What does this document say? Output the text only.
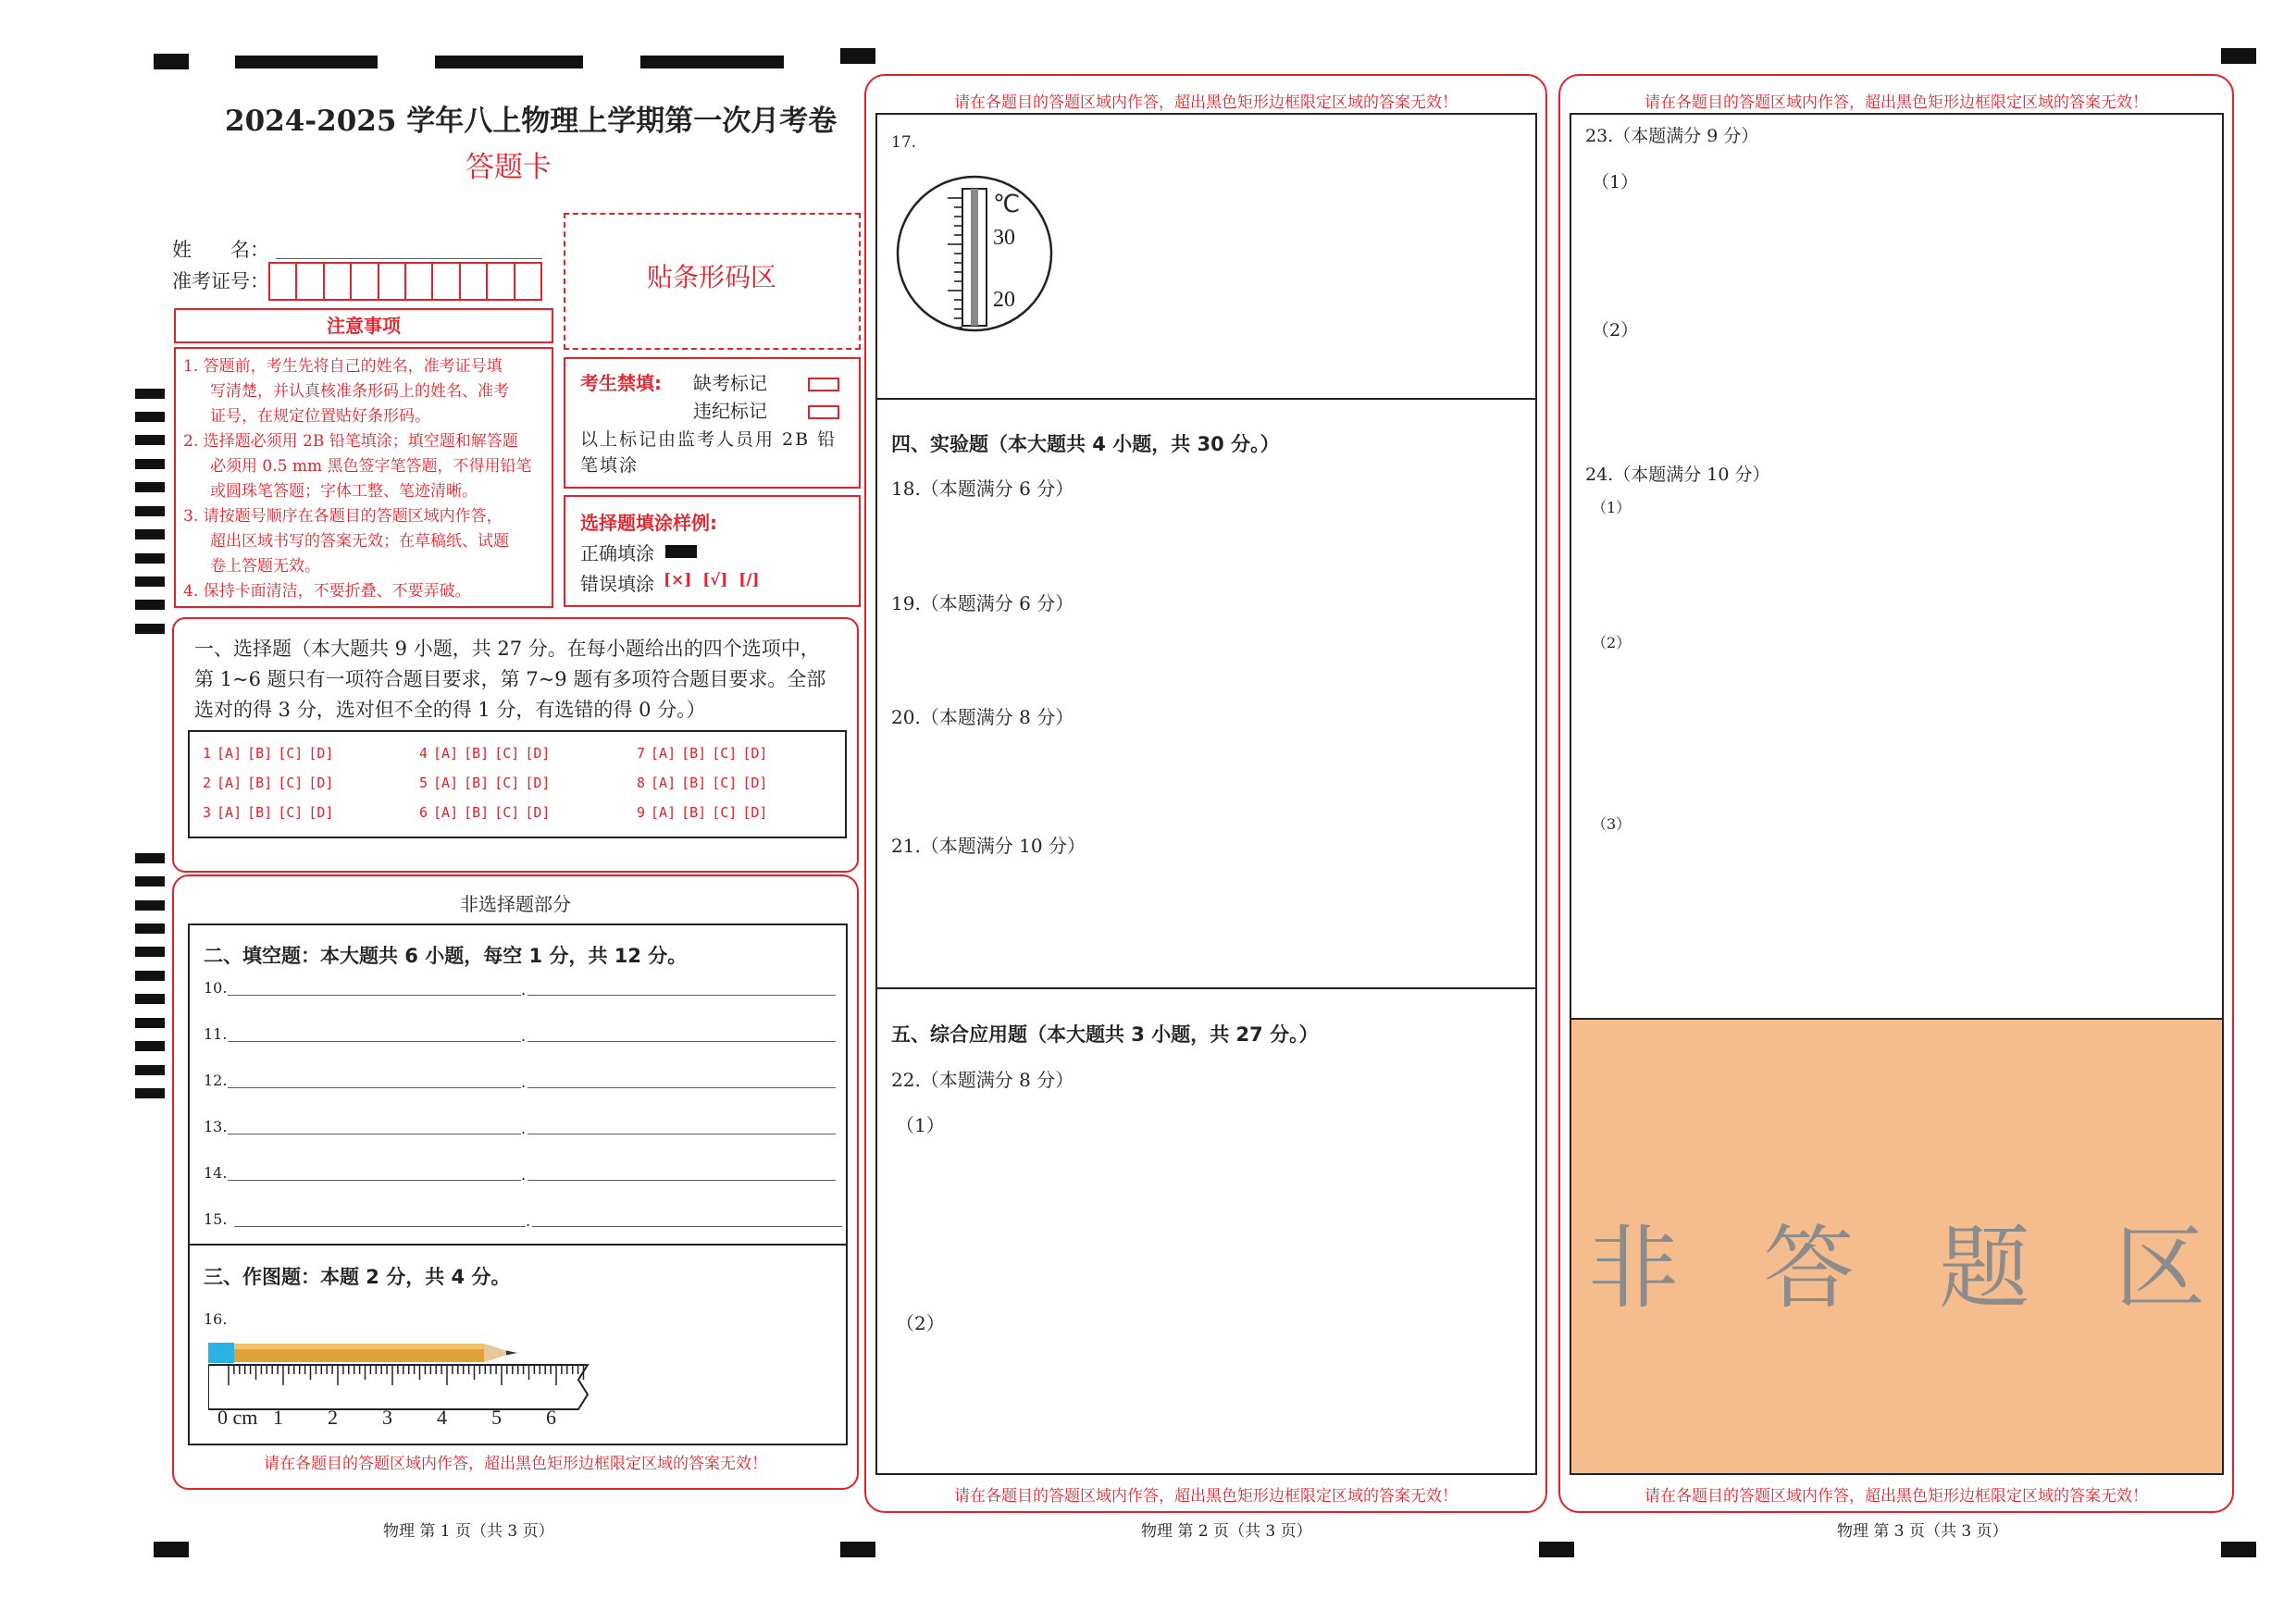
2024-2025 学年八上物理上学期第一次月考卷
答题卡
姓　　名：
准考证号：	贴条形码区
注意事项
1. 答题前，考生先将自己的姓名，准考证号填
写清楚，并认真核准条形码上的姓名、准考
证号，在规定位置贴好条形码。
2. 选择题必须用 2B 铅笔填涂；填空题和解答题
必须用 0.5 mm 黑色签字笔答题，不得用铅笔
或圆珠笔答题；字体工整、笔迹清晰。
3. 请按题号顺序在各题目的答题区域内作答，
超出区域书写的答案无效；在草稿纸、试题
卷上答题无效。
4. 保持卡面清洁，不要折叠、不要弄破。
考生禁填: 缺考标记
违纪标记
以上标记由监考人员用 2B 铅
笔填涂
选择题填涂样例:
正确填涂
错误填涂 [×] [√] [/]
一、选择题（本大题共 9 小题，共 27 分。在每小题给出的四个选项中，
第 1~6 题只有一项符合题目要求，第 7~9 题有多项符合题目要求。全部
选对的得 3 分，选对但不全的得 1 分，有选错的得 0 分。）
1 [A] [B] [C] [D]
2 [A] [B] [C] [D]
3 [A] [B] [C] [D]
4 [A] [B] [C] [D]
5 [A] [B] [C] [D]
6 [A] [B] [C] [D]
7 [A] [B] [C] [D]
8 [A] [B] [C] [D]
9 [A] [B] [C] [D]
非选择题部分
二、填空题：本大题共 6 小题，每空 1 分，共 12 分。
10.	.
11.	.
12.	.
13.	.
14.	.
15.	.
三、作图题：本题 2 分，共 4 分。
16.
0 cm 1 2 3 4 5 6
请在各题目的答题区域内作答，超出黑色矩形边框限定区域的答案无效！
物理 第 1 页（共 3 页）
请在各题目的答题区域内作答，超出黑色矩形边框限定区域的答案无效！
17.
℃
30
20
四、实验题（本大题共 4 小题，共 30 分。）
18.（本题满分 6 分）
19.（本题满分 6 分）
20.（本题满分 8 分）
21.（本题满分 10 分）
五、综合应用题（本大题共 3 小题，共 27 分。）
22.（本题满分 8 分）
（1）
（2）
请在各题目的答题区域内作答，超出黑色矩形边框限定区域的答案无效！
物理 第 2 页（共 3 页）
请在各题目的答题区域内作答，超出黑色矩形边框限定区域的答案无效！
23.（本题满分 9 分）
（1）
（2）
24.（本题满分 10 分）
（1）
（2）
（3）
非 答 题 区
请在各题目的答题区域内作答，超出黑色矩形边框限定区域的答案无效！
物理 第 3 页（共 3 页）
